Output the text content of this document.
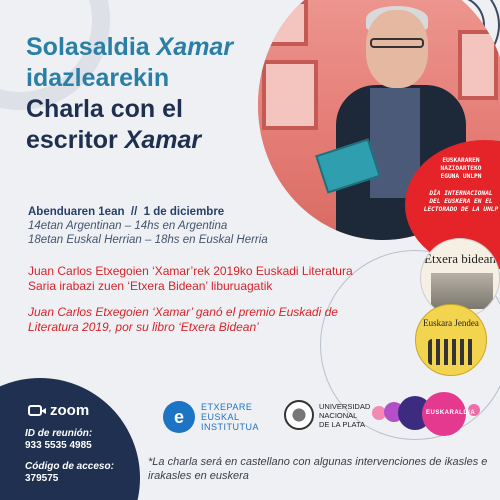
Solasaldia Xamar
idazlearekin
Charla con el
escritor Xamar
Abenduaren 1ean  //  1 de diciembre
14etan Argentinan – 14hs en Argentina
18etan Euskal Herrian – 18hs en Euskal Herria
Juan Carlos Etxegoien ‘Xamar’rek 2019ko Euskadi Literatura Saria irabazi zuen ‘Etxera Bidean’ liburuagatik
Juan Carlos Etxegoien ‘Xamar’ ganó el premio Euskadi de Literatura 2019, por su libro ‘Etxera Bidean’
EUSKARAREN
NAZIOARTEKO
EGUNA UNLPN
DÍA INTERNACIONAL
DEL EUSKERA EN EL
LECTORADO DE LA UNLP
Etxera bidean
Euskara Jendea
zoom
ID de reunión:
933 5535 4985
Código de acceso:
379575
e	ETXEPARE
EUSKAL
INSTITUTUA
UNIVERSIDAD
NACIONAL
DE LA PLATA
EUSKARALDIA
*La charla será en castellano con algunas intervenciones de ikasles e irakasles en euskera
